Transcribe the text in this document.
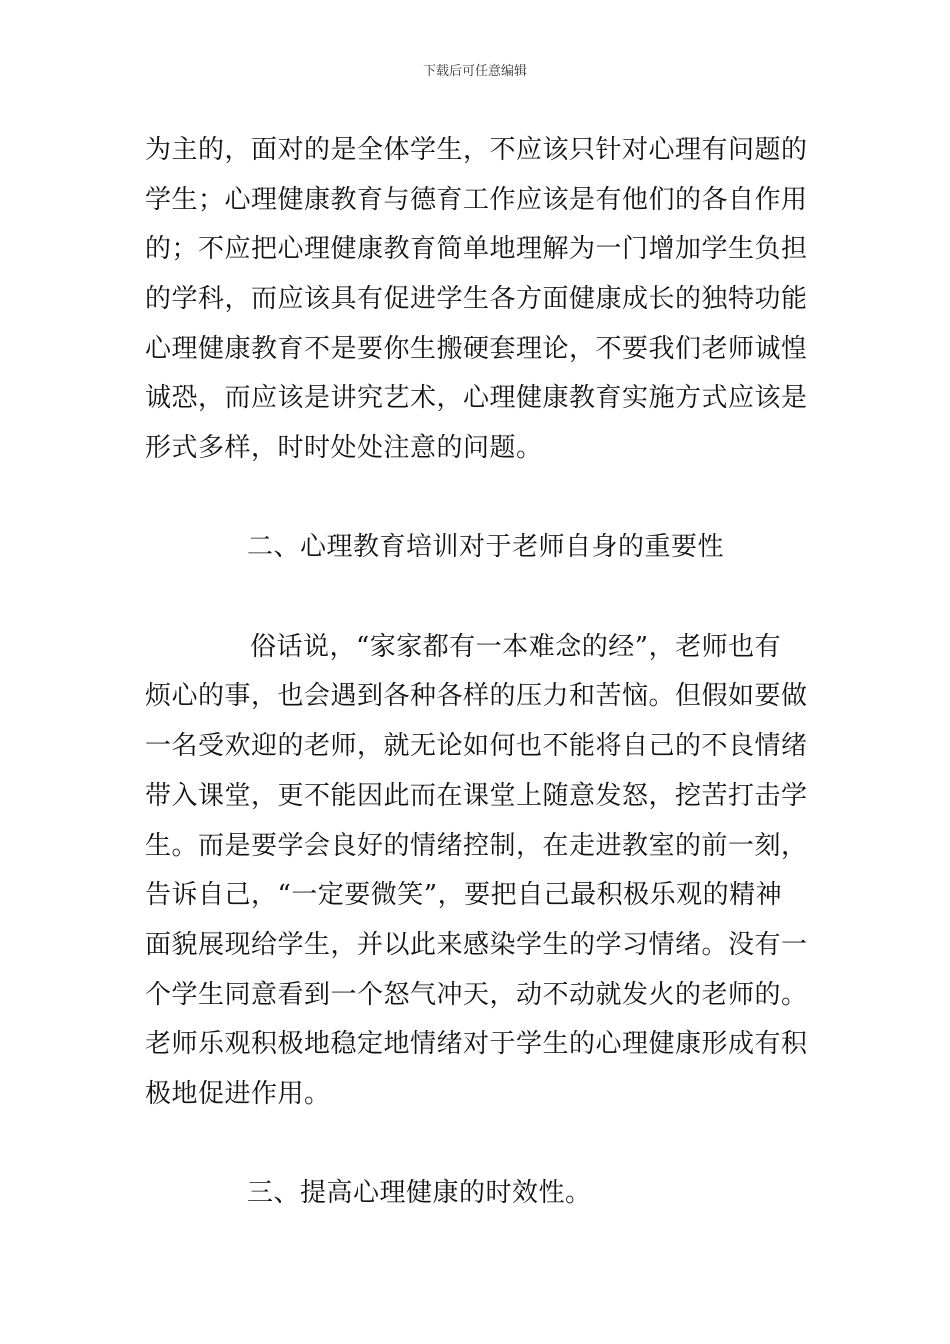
下载后可任意编辑
为主的，面对的是全体学生，不应该只针对心理有问题的
学生；心理健康教育与德育工作应该是有他们的各自作用
的；不应把心理健康教育简单地理解为一门增加学生负担
的学科，而应该具有促进学生各方面健康成长的独特功能
心理健康教育不是要你生搬硬套理论，不要我们老师诚惶
诚恐，而应该是讲究艺术，心理健康教育实施方式应该是
形式多样，时时处处注意的问题。
二、心理教育培训对于老师自身的重要性
俗话说，“家家都有一本难念的经”，老师也有
烦心的事，也会遇到各种各样的压力和苦恼。但假如要做
一名受欢迎的老师，就无论如何也不能将自己的不良情绪
带入课堂，更不能因此而在课堂上随意发怒，挖苦打击学
生。而是要学会良好的情绪控制，在走进教室的前一刻，
告诉自己，“一定要微笑”，要把自己最积极乐观的精神
面貌展现给学生，并以此来感染学生的学习情绪。没有一
个学生同意看到一个怒气冲天，动不动就发火的老师的。
老师乐观积极地稳定地情绪对于学生的心理健康形成有积
极地促进作用。
三、提高心理健康的时效性。
